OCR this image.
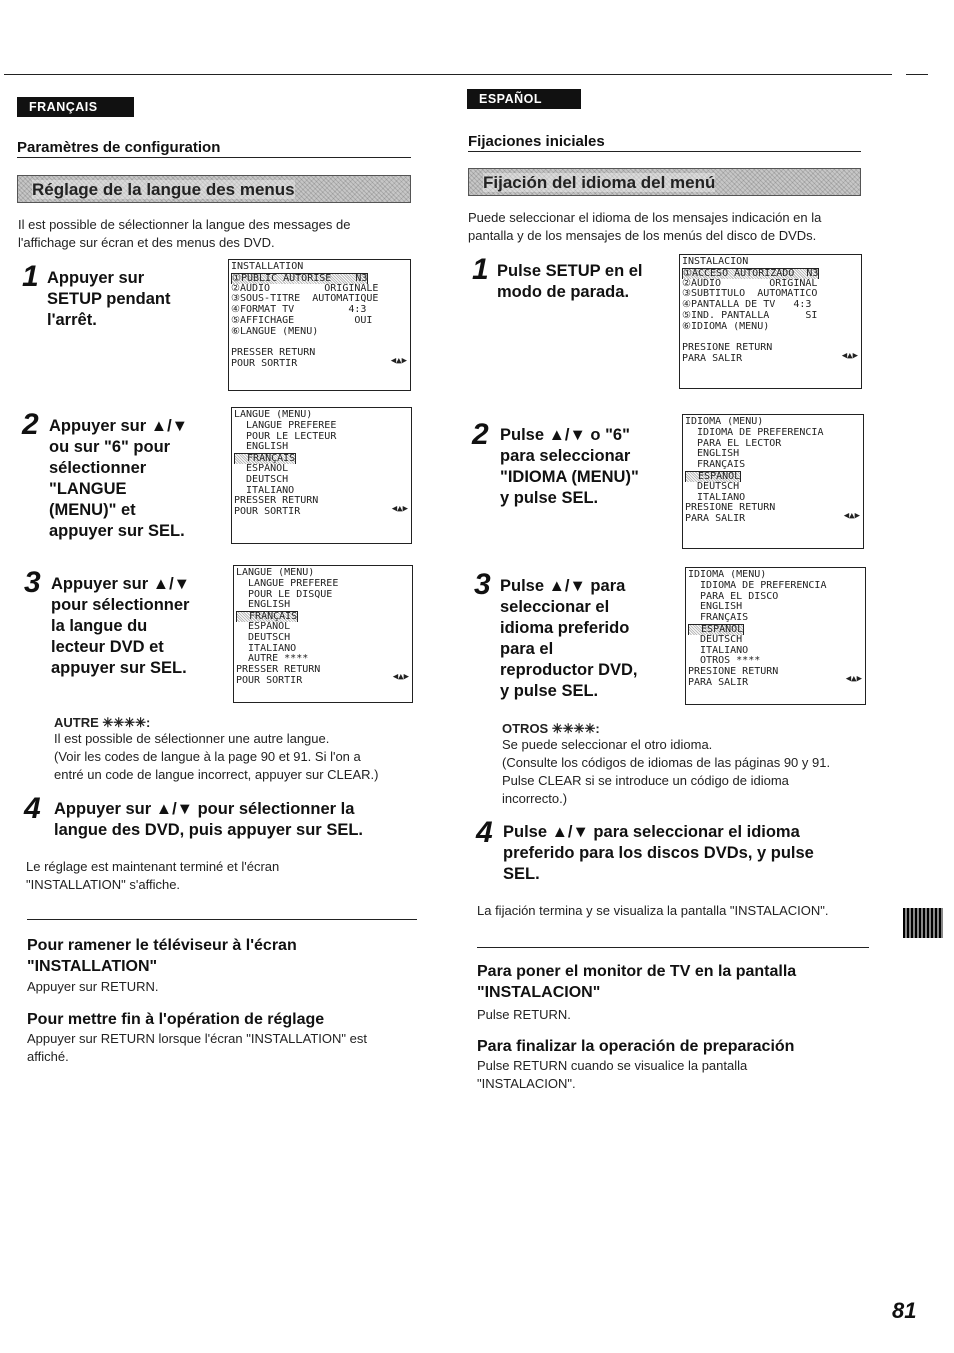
FRANÇAIS
Paramètres de configuration
Réglage de la langue des menus
Il est possible de sélectionner la langue des messages de
l'affichage sur écran et des menus des DVD.
1 Appuyer sur
SETUP pendant
l'arrêt.
INSTALLATION
①PUBLIC AUTORISE    N3
②AUDIO         ORIGINALE
③SOUS-TITRE  AUTOMATIQUE
④FORMAT TV         4:3
⑤AFFICHAGE          OUI
⑥LANGUE (MENU)
PRESSER RETURN
POUR SORTIR	◀▲▶
2 Appuyer sur ▲/▼
ou sur "6" pour
sélectionner
"LANGUE
(MENU)" et
appuyer sur SEL.
LANGUE (MENU)
LANGUE PRÉFÉRÉE
POUR LE LECTEUR
ENGLISH
FRANÇAIS
ESPAÑOL
DEUTSCH
ITALIANO
PRESSER RETURN
POUR SORTIR	◀▲▶
3 Appuyer sur ▲/▼
pour sélectionner
la langue du
lecteur DVD et
appuyer sur SEL.
LANGUE (MENU)
LANGUE PRÉFÉRÉE
POUR LE DISQUE
ENGLISH
FRANÇAIS
ESPAÑOL
DEUTSCH
ITALIANO
AUTRE ****
PRESSER RETURN
POUR SORTIR	◀▲▶
AUTRE ✳✳✳✳:
Il est possible de sélectionner une autre langue.
(Voir les codes de langue à la page 90 et 91. Si l'on a
entré un code de langue incorrect, appuyer sur CLEAR.)
4 Appuyer sur ▲/▼ pour sélectionner la
langue des DVD, puis appuyer sur SEL.
Le réglage est maintenant terminé et l'écran
"INSTALLATION" s'affiche.
Pour ramener le téléviseur à l'écran
"INSTALLATION"
Appuyer sur RETURN.
Pour mettre fin à l'opération de réglage
Appuyer sur RETURN lorsque l'écran "INSTALLATION" est
affiché.
ESPAÑOL
Fijaciones iniciales
Fijación del idioma del menú
Puede seleccionar el idioma de los mensajes indicación en la
pantalla y de los mensajes de los menús del disco de DVDs.
1 Pulse SETUP en el
modo de parada.
INSTALACION
①ACCESO AUTORIZADO  N3
②AUDIO        ORIGINAL
③SUBTITULO  AUTOMATICO
④PANTALLA DE TV   4:3
⑤IND. PANTALLA      SI
⑥IDIOMA (MENU)
PRESIONE RETURN
PARA SALIR	◀▲▶
2 Pulse ▲/▼ o "6"
para seleccionar
"IDIOMA (MENU)"
y pulse SEL.
IDIOMA (MENU)
IDIOMA DE PREFERENCIA
PARA EL LECTOR
ENGLISH
FRANÇAIS
ESPAÑOL
DEUTSCH
ITALIANO
PRESIONE RETURN
PARA SALIR	◀▲▶
3 Pulse ▲/▼ para
seleccionar el
idioma preferido
para el
reproductor DVD,
y pulse SEL.
IDIOMA (MENU)
IDIOMA DE PREFERENCIA
PARA EL DISCO
ENGLISH
FRANÇAIS
ESPAÑOL
DEUTSCH
ITALIANO
OTROS ****
PRESIONE RETURN
PARA SALIR	◀▲▶
OTROS ✳✳✳✳:
Se puede seleccionar el otro idioma.
(Consulte los códigos de idiomas de las páginas 90 y 91.
Pulse CLEAR si se introduce un código de idioma
incorrecto.)
4 Pulse ▲/▼ para seleccionar el idioma
preferido para los discos DVDs, y pulse
SEL.
La fijación termina y se visualiza la pantalla "INSTALACION".
Para poner el monitor de TV en la pantalla
"INSTALACION"
Pulse RETURN.
Para finalizar la operación de preparación
Pulse RETURN cuando se visualice la pantalla
"INSTALACION".
81
